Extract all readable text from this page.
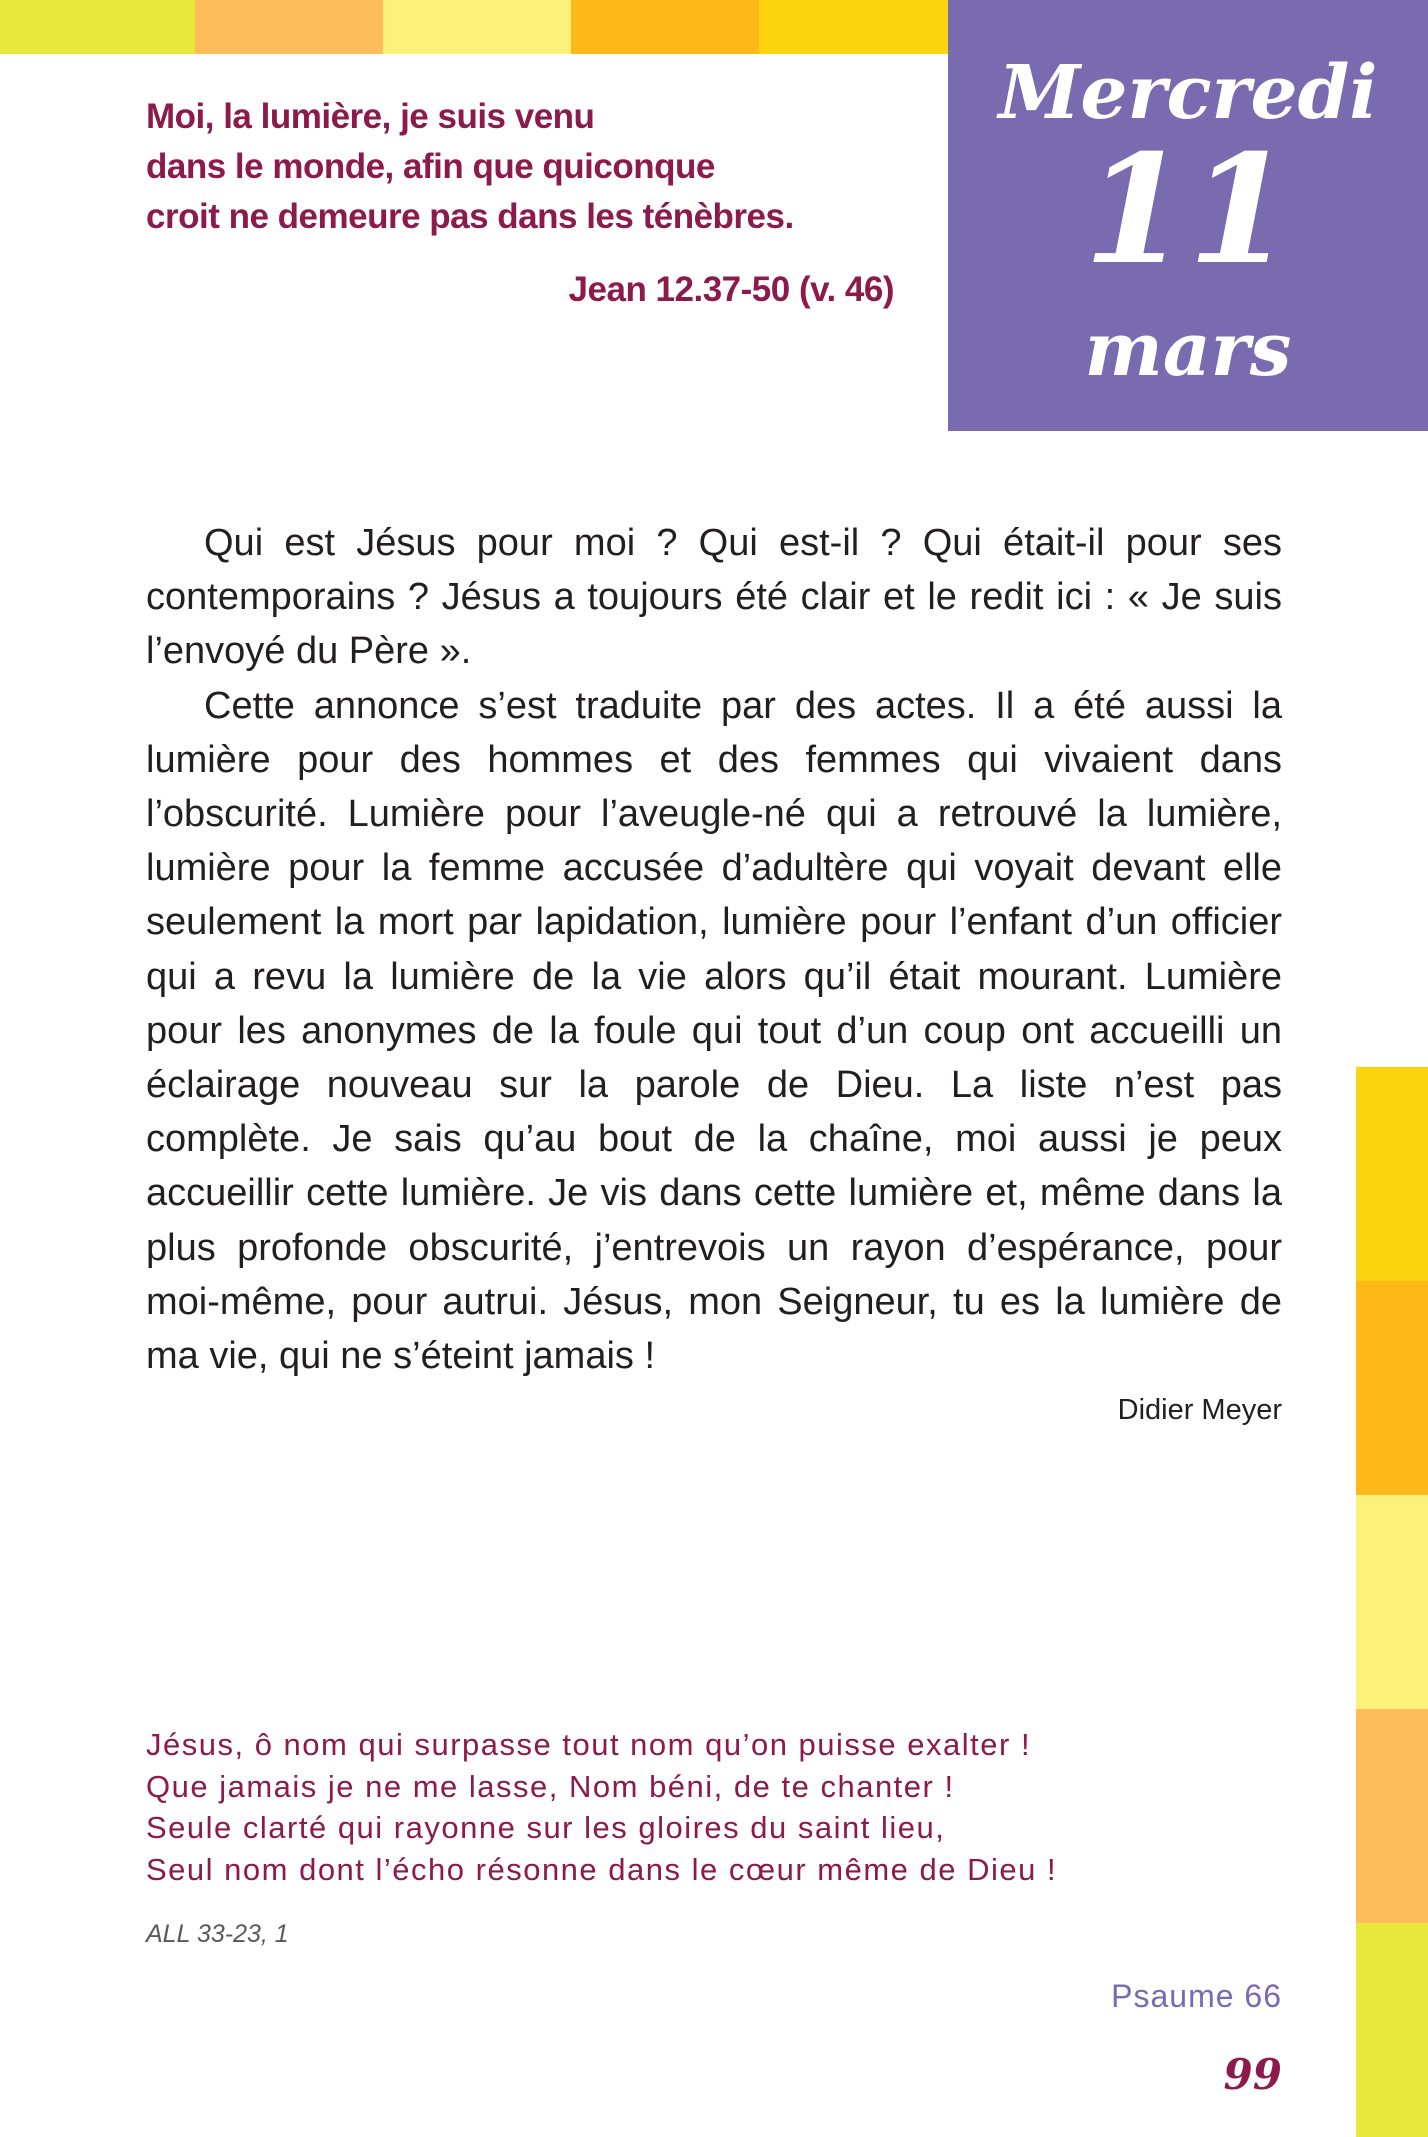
Mercredi
11
mars
Moi, la lumière, je suis venu
dans le monde, afin que quiconque
croit ne demeure pas dans les ténèbres.
Jean 12.37-50 (v. 46)

Qui est Jésus pour moi ? Qui est-il ? Qui était-il pour ses contemporains ? Jésus a toujours été clair et le redit ici : « Je suis l’envoyé du Père ».

Cette annonce s’est traduite par des actes. Il a été aussi la lumière pour des hommes et des femmes qui vivaient dans l’obscurité. Lumière pour l’aveugle-né qui a retrouvé la lumière, lumière pour la femme accusée d’adultère qui voyait devant elle seulement la mort par lapidation, lumière pour l’enfant d’un officier qui a revu la lumière de la vie alors qu’il était mourant. Lumière pour les anonymes de la foule qui tout d’un coup ont accueilli un éclairage nouveau sur la parole de Dieu. La liste n’est pas complète. Je sais qu’au bout de la chaîne, moi aussi je peux accueillir cette lumière. Je vis dans cette lumière et, même dans la plus profonde obscurité, j’entrevois un rayon d’espérance, pour moi-même, pour autrui. Jésus, mon Seigneur, tu es la lumière de ma vie, qui ne s’éteint jamais !

Didier Meyer
Jésus, ô nom qui surpasse tout nom qu’on puisse exalter !
Que jamais je ne me lasse, Nom béni, de te chanter !
Seule clarté qui rayonne sur les gloires du saint lieu,
Seul nom dont l’écho résonne dans le cœur même de Dieu !
ALL 33-23, 1
Psaume 66
99
